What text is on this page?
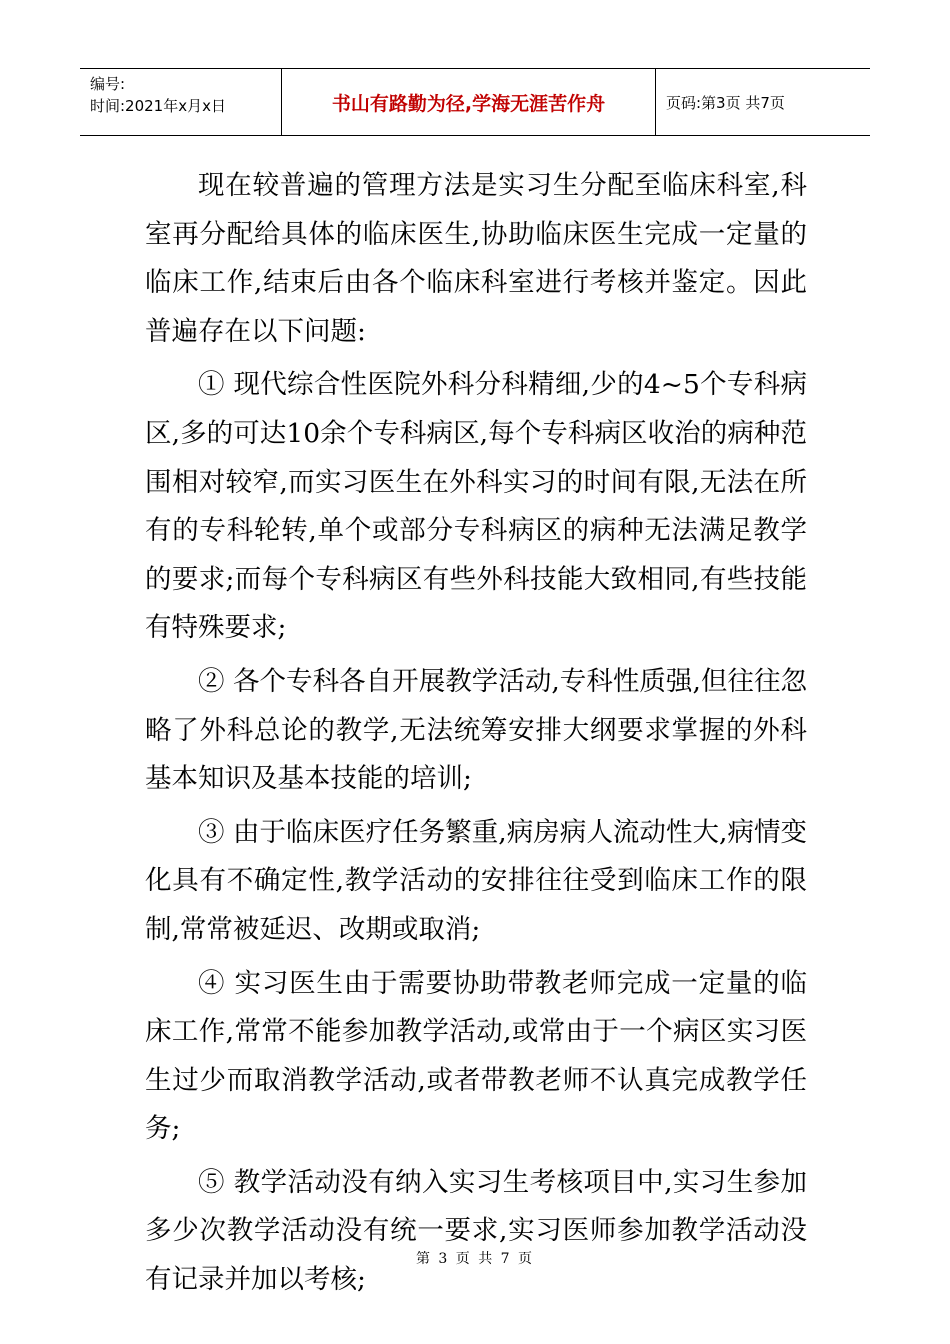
编号:
时间:2021年x月x日	书山有路勤为径,学海无涯苦作舟	页码:第3页 共7页

现在较普遍的管理方法是实习生分配至临床科室,科室再分配给具体的临床医生,协助临床医生完成一定量的临床工作,结束后由各个临床科室进行考核并鉴定。因此普遍存在以下问题:

① 现代综合性医院外科分科精细,少的4~5个专科病区,多的可达10余个专科病区,每个专科病区收治的病种范围相对较窄,而实习医生在外科实习的时间有限,无法在所有的专科轮转,单个或部分专科病区的病种无法满足教学的要求;而每个专科病区有些外科技能大致相同,有些技能有特殊要求;

② 各个专科各自开展教学活动,专科性质强,但往往忽略了外科总论的教学,无法统筹安排大纲要求掌握的外科基本知识及基本技能的培训;

③ 由于临床医疗任务繁重,病房病人流动性大,病情变化具有不确定性,教学活动的安排往往受到临床工作的限制,常常被延迟、改期或取消;

④ 实习医生由于需要协助带教老师完成一定量的临床工作,常常不能参加教学活动,或常由于一个病区实习医生过少而取消教学活动,或者带教老师不认真完成教学任务;

⑤ 教学活动没有纳入实习生考核项目中,实习生参加多少次教学活动没有统一要求,实习医师参加教学活动没有记录并加以考核;

第 3 页 共 7 页
